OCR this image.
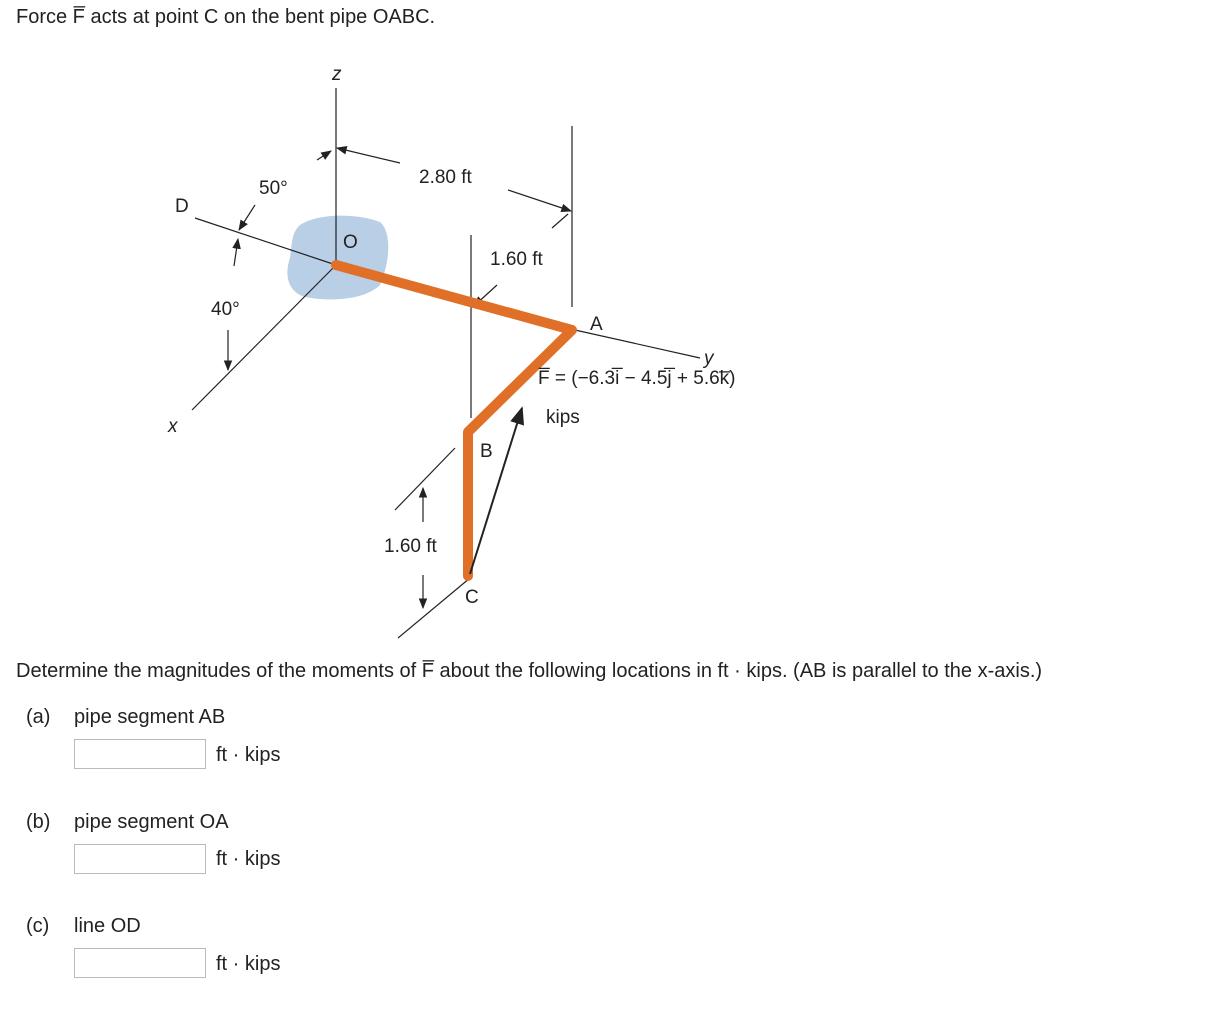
Force F̅ acts at point C on the bent pipe OABC.
z
x
y
D
O
A
B
C
50°
40°
2.80 ft
1.60 ft
1.60 ft
F̅ = (−6.3i̅ − 4.5j̅ + 5.6k̅)
kips
Determine the magnitudes of the moments of F̅ about the following locations in ft · kips. (AB is parallel to the x-axis.)
(a) pipe segment AB
ft · kips
(b) pipe segment OA
ft · kips
(c) line OD
ft · kips
